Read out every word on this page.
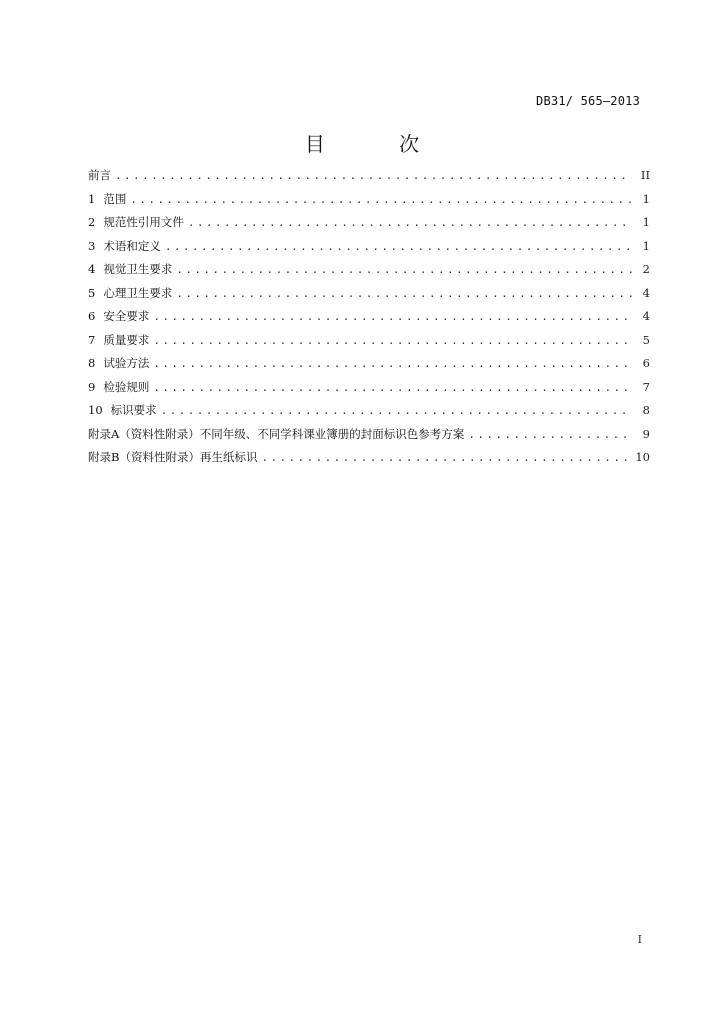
DB31/ 565—2013
目 次
前言 .....	II
1 范围 .....	1
2 规范性引用文件 .....	1
3 术语和定义 .....	1
4 视觉卫生要求 .....	2
5 心理卫生要求 .....	4
6 安全要求 .....	4
7 质量要求 .....	5
8 试验方法 .....	6
9 检验规则 .....	7
10 标识要求 .....	8
附录A（资料性附录）不同年级、不同学科课业簿册的封面标识色参考方案 .....	9
附录B（资料性附录）再生纸标识 .....	10
I
